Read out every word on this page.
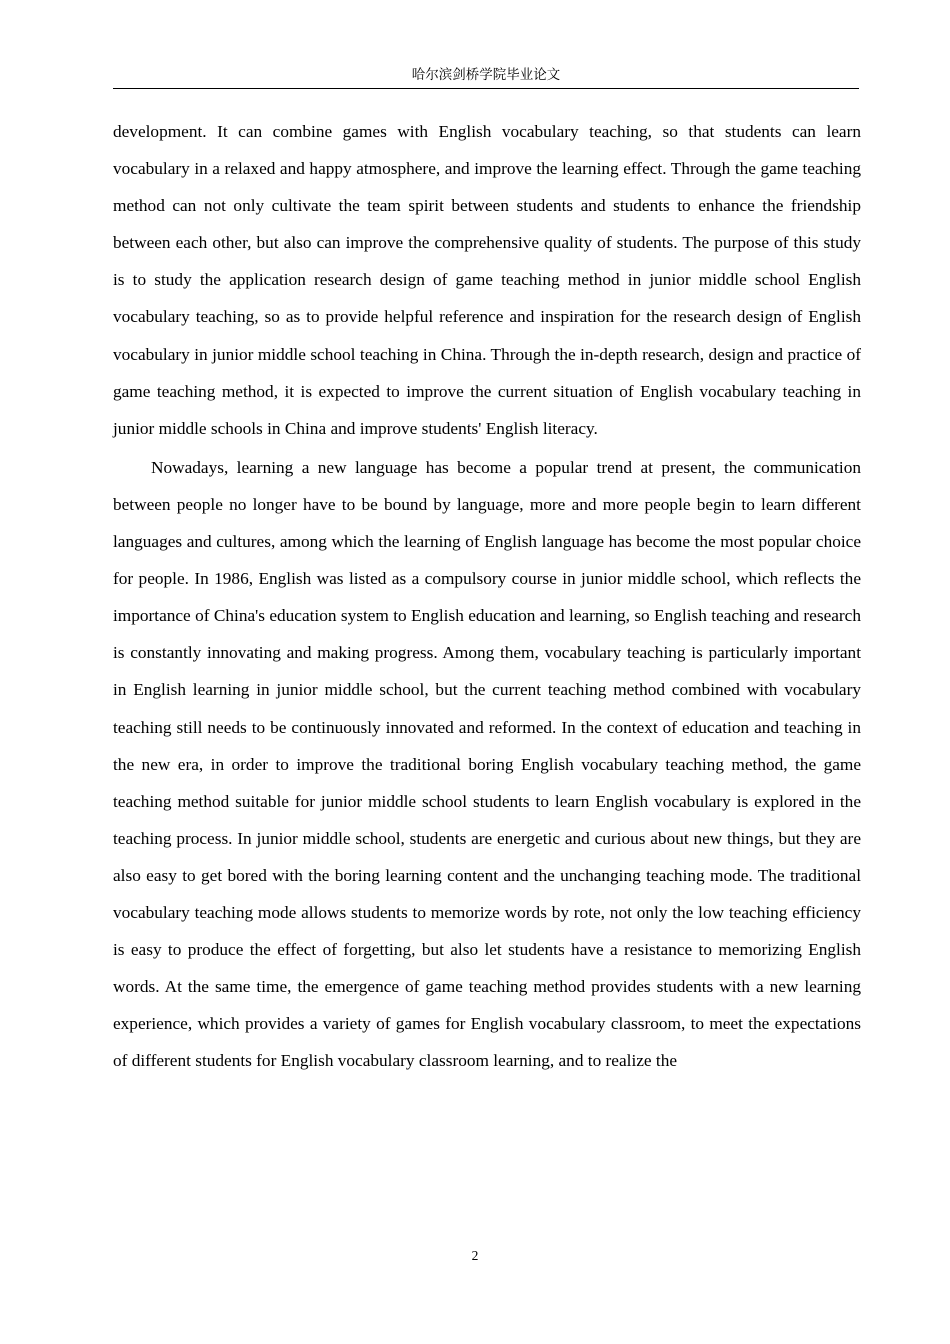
哈尔滨剑桥学院毕业论文

development. It can combine games with English vocabulary teaching, so that students can learn vocabulary in a relaxed and happy atmosphere, and improve the learning effect. Through the game teaching method can not only cultivate the team spirit between students and students to enhance the friendship between each other, but also can improve the comprehensive quality of students. The purpose of this study is to study the application research design of game teaching method in junior middle school English vocabulary teaching, so as to provide helpful reference and inspiration for the research design of English vocabulary in junior middle school teaching in China. Through the in-depth research, design and practice of game teaching method, it is expected to improve the current situation of English vocabulary teaching in junior middle schools in China and improve students' English literacy.

Nowadays, learning a new language has become a popular trend at present, the communication between people no longer have to be bound by language, more and more people begin to learn different languages and cultures, among which the learning of English language has become the most popular choice for people. In 1986, English was listed as a compulsory course in junior middle school, which reflects the importance of China's education system to English education and learning, so English teaching and research is constantly innovating and making progress. Among them, vocabulary teaching is particularly important in English learning in junior middle school, but the current teaching method combined with vocabulary teaching still needs to be continuously innovated and reformed. In the context of education and teaching in the new era, in order to improve the traditional boring English vocabulary teaching method, the game teaching method suitable for junior middle school students to learn English vocabulary is explored in the teaching process. In junior middle school, students are energetic and curious about new things, but they are also easy to get bored with the boring learning content and the unchanging teaching mode. The traditional vocabulary teaching mode allows students to memorize words by rote, not only the low teaching efficiency is easy to produce the effect of forgetting, but also let students have a resistance to memorizing English words. At the same time, the emergence of game teaching method provides students with a new learning experience, which provides a variety of games for English vocabulary classroom, to meet the expectations of different students for English vocabulary classroom learning, and to realize the

2
